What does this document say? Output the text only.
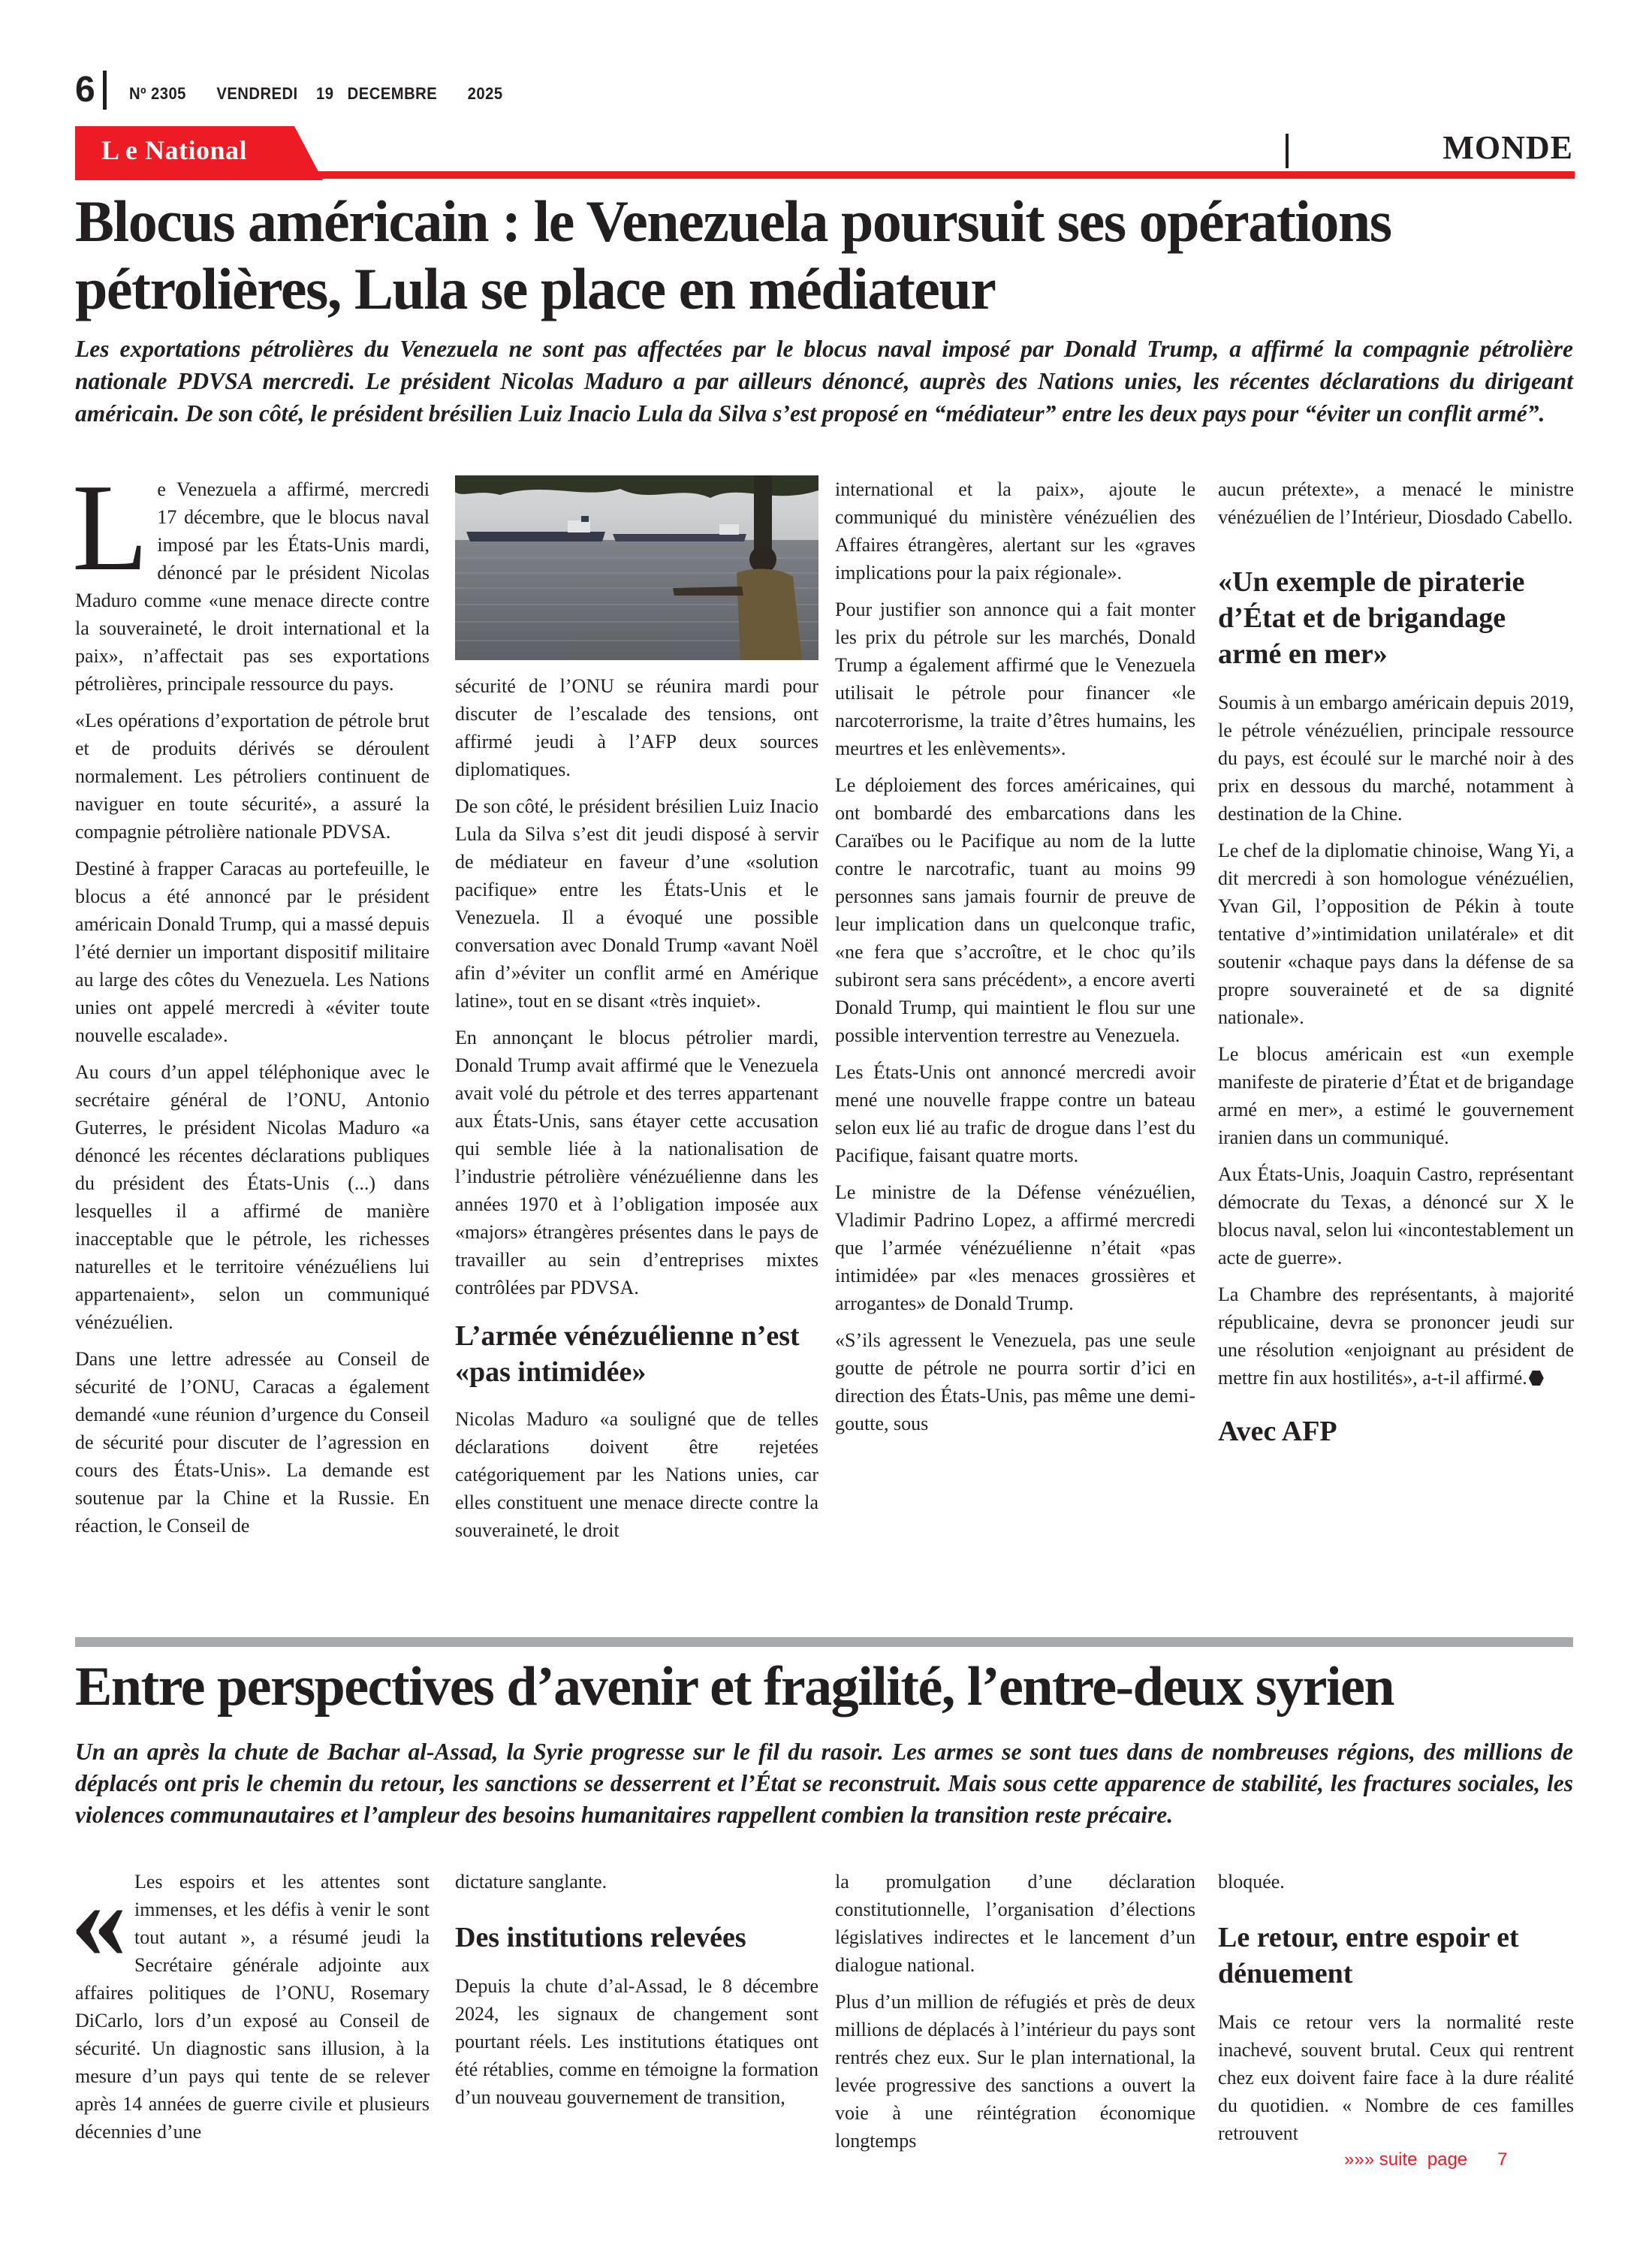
6 Nº 2305 VENDREDI 19 DECEMBRE 2025
L e National	MONDE
Blocus américain : le Venezuela poursuit ses opérations pétrolières, Lula se place en médiateur
Les exportations pétrolières du Venezuela ne sont pas affectées par le blocus naval imposé par Donald Trump, a affirmé la compagnie pétrolière nationale PDVSA mercredi. Le président Nicolas Maduro a par ailleurs dénoncé, auprès des Nations unies, les récentes déclarations du dirigeant américain. De son côté, le président brésilien Luiz Inacio Lula da Silva s’est proposé en “médiateur” entre les deux pays pour “éviter un conflit armé”.

Le Venezuela a affirmé, mercredi 17 décembre, que le blocus naval imposé par les États-Unis mardi, dénoncé par le président Nicolas Maduro comme «une menace directe contre la souveraineté, le droit international et la paix», n’affectait pas ses exportations pétrolières, principale ressource du pays.

«Les opérations d’exportation de pétrole brut et de produits dérivés se déroulent normalement. Les pétroliers continuent de naviguer en toute sécurité», a assuré la compagnie pétrolière nationale PDVSA.

Destiné à frapper Caracas au portefeuille, le blocus a été annoncé par le président américain Donald Trump, qui a massé depuis l’été dernier un important dispositif militaire au large des côtes du Venezuela. Les Nations unies ont appelé mercredi à «éviter toute nouvelle escalade».

Au cours d’un appel téléphonique avec le secrétaire général de l’ONU, Antonio Guterres, le président Nicolas Maduro «a dénoncé les récentes déclarations publiques du président des États-Unis (...) dans lesquelles il a affirmé de manière inacceptable que le pétrole, les richesses naturelles et le territoire vénézuéliens lui appartenaient», selon un communiqué vénézuélien.

Dans une lettre adressée au Conseil de sécurité de l’ONU, Caracas a également demandé «une réunion d’urgence du Conseil de sécurité pour discuter de l’agression en cours des États-Unis». La demande est soutenue par la Chine et la Russie. En réaction, le Conseil de

sécurité de l’ONU se réunira mardi pour discuter de l’escalade des tensions, ont affirmé jeudi à l’AFP deux sources diplomatiques.

De son côté, le président brésilien Luiz Inacio Lula da Silva s’est dit jeudi disposé à servir de médiateur en faveur d’une «solution pacifique» entre les États-Unis et le Venezuela. Il a évoqué une possible conversation avec Donald Trump «avant Noël afin d’»éviter un conflit armé en Amérique latine», tout en se disant «très inquiet».

En annonçant le blocus pétrolier mardi, Donald Trump avait affirmé que le Venezuela avait volé du pétrole et des terres appartenant aux États-Unis, sans étayer cette accusation qui semble liée à la nationalisation de l’industrie pétrolière vénézuélienne dans les années 1970 et à l’obligation imposée aux «majors» étrangères présentes dans le pays de travailler au sein d’entreprises mixtes contrôlées par PDVSA.

L’armée vénézuélienne n’est «pas intimidée»

Nicolas Maduro «a souligné que de telles déclarations doivent être rejetées catégoriquement par les Nations unies, car elles constituent une menace directe contre la souveraineté, le droit

international et la paix», ajoute le communiqué du ministère vénézuélien des Affaires étrangères, alertant sur les «graves implications pour la paix régionale».

Pour justifier son annonce qui a fait monter les prix du pétrole sur les marchés, Donald Trump a également affirmé que le Venezuela utilisait le pétrole pour financer «le narcoterrorisme, la traite d’êtres humains, les meurtres et les enlèvements».

Le déploiement des forces américaines, qui ont bombardé des embarcations dans les Caraïbes ou le Pacifique au nom de la lutte contre le narcotrafic, tuant au moins 99 personnes sans jamais fournir de preuve de leur implication dans un quelconque trafic, «ne fera que s’accroître, et le choc qu’ils subiront sera sans précédent», a encore averti Donald Trump, qui maintient le flou sur une possible intervention terrestre au Venezuela.

Les États-Unis ont annoncé mercredi avoir mené une nouvelle frappe contre un bateau selon eux lié au trafic de drogue dans l’est du Pacifique, faisant quatre morts.

Le ministre de la Défense vénézuélien, Vladimir Padrino Lopez, a affirmé mercredi que l’armée vénézuélienne n’était «pas intimidée» par «les menaces grossières et arrogantes» de Donald Trump.

«S’ils agressent le Venezuela, pas une seule goutte de pétrole ne pourra sortir d’ici en direction des États-Unis, pas même une demi-goutte, sous

aucun prétexte», a menacé le ministre vénézuélien de l’Intérieur, Diosdado Cabello.

«Un exemple de piraterie d’État et de brigandage armé en mer»

Soumis à un embargo américain depuis 2019, le pétrole vénézuélien, principale ressource du pays, est écoulé sur le marché noir à des prix en dessous du marché, notamment à destination de la Chine.

Le chef de la diplomatie chinoise, Wang Yi, a dit mercredi à son homologue vénézuélien, Yvan Gil, l’opposition de Pékin à toute tentative d’»intimidation unilatérale» et dit soutenir «chaque pays dans la défense de sa propre souveraineté et de sa dignité nationale».

Le blocus américain est «un exemple manifeste de piraterie d’État et de brigandage armé en mer», a estimé le gouvernement iranien dans un communiqué.

Aux États-Unis, Joaquin Castro, représentant démocrate du Texas, a dénoncé sur X le blocus naval, selon lui «incontestablement un acte de guerre».

La Chambre des représentants, à majorité républicaine, devra se prononcer jeudi sur une résolution «enjoignant au président de mettre fin aux hostilités», a-t-il affirmé.

Avec AFP
Entre perspectives d’avenir et fragilité, l’entre-deux syrien
Un an après la chute de Bachar al-Assad, la Syrie progresse sur le fil du rasoir. Les armes se sont tues dans de nombreuses régions, des millions de déplacés ont pris le chemin du retour, les sanctions se desserrent et l’État se reconstruit. Mais sous cette apparence de stabilité, les fractures sociales, les violences communautaires et l’ampleur des besoins humanitaires rappellent combien la transition reste précaire.

« Les espoirs et les attentes sont immenses, et les défis à venir le sont tout autant », a résumé jeudi la Secrétaire générale adjointe aux affaires politiques de l’ONU, Rosemary DiCarlo, lors d’un exposé au Conseil de sécurité. Un diagnostic sans illusion, à la mesure d’un pays qui tente de se relever après 14 années de guerre civile et plusieurs décennies d’une

dictature sanglante.

Des institutions relevées

Depuis la chute d’al-Assad, le 8 décembre 2024, les signaux de changement sont pourtant réels. Les institutions étatiques ont été rétablies, comme en témoigne la formation d’un nouveau gouvernement de transition,

la promulgation d’une déclaration constitutionnelle, l’organisation d’élections législatives indirectes et le lancement d’un dialogue national.

Plus d’un million de réfugiés et près de deux millions de déplacés à l’intérieur du pays sont rentrés chez eux. Sur le plan international, la levée progressive des sanctions a ouvert la voie à une réintégration économique longtemps

bloquée.

Le retour, entre espoir et dénuement

Mais ce retour vers la normalité reste inachevé, souvent brutal. Ceux qui rentrent chez eux doivent faire face à la dure réalité du quotidien. « Nombre de ces familles retrouvent

»»» suite  page 7
